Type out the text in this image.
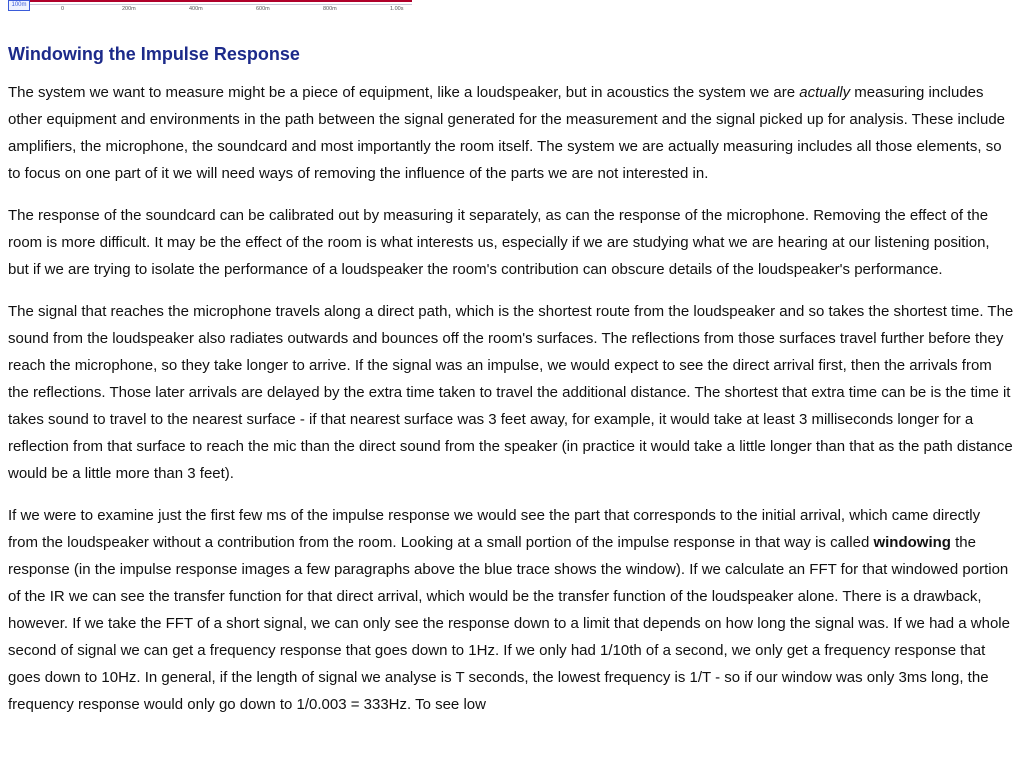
100m
0	200m	400m	600m	800m	1.00s
Windowing the Impulse Response

The system we want to measure might be a piece of equipment, like a loudspeaker, but in acoustics the system we are actually measuring includes other equipment and environments in the path between the signal generated for the measurement and the signal picked up for analysis. These include amplifiers, the microphone, the soundcard and most importantly the room itself. The system we are actually measuring includes all those elements, so to focus on one part of it we will need ways of removing the influence of the parts we are not interested in.

The response of the soundcard can be calibrated out by measuring it separately, as can the response of the microphone. Removing the effect of the room is more difficult. It may be the effect of the room is what interests us, especially if we are studying what we are hearing at our listening position, but if we are trying to isolate the performance of a loudspeaker the room's contribution can obscure details of the loudspeaker's performance.

The signal that reaches the microphone travels along a direct path, which is the shortest route from the loudspeaker and so takes the shortest time. The sound from the loudspeaker also radiates outwards and bounces off the room's surfaces. The reflections from those surfaces travel further before they reach the microphone, so they take longer to arrive. If the signal was an impulse, we would expect to see the direct arrival first, then the arrivals from the reflections. Those later arrivals are delayed by the extra time taken to travel the additional distance. The shortest that extra time can be is the time it takes sound to travel to the nearest surface - if that nearest surface was 3 feet away, for example, it would take at least 3 milliseconds longer for a reflection from that surface to reach the mic than the direct sound from the speaker (in practice it would take a little longer than that as the path distance would be a little more than 3 feet).

If we were to examine just the first few ms of the impulse response we would see the part that corresponds to the initial arrival, which came directly from the loudspeaker without a contribution from the room. Looking at a small portion of the impulse response in that way is called windowing the response (in the impulse response images a few paragraphs above the blue trace shows the window). If we calculate an FFT for that windowed portion of the IR we can see the transfer function for that direct arrival, which would be the transfer function of the loudspeaker alone. There is a drawback, however. If we take the FFT of a short signal, we can only see the response down to a limit that depends on how long the signal was. If we had a whole second of signal we can get a frequency response that goes down to 1Hz. If we only had 1/10th of a second, we only get a frequency response that goes down to 10Hz. In general, if the length of signal we analyse is T seconds, the lowest frequency is 1/T - so if our window was only 3ms long, the frequency response would only go down to 1/0.003 = 333Hz. To see low
